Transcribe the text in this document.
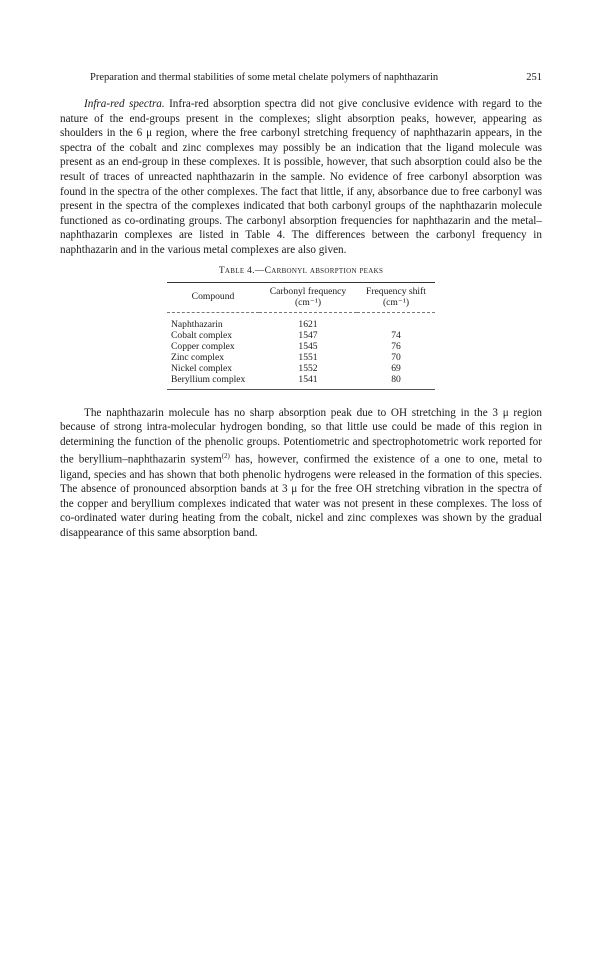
Preparation and thermal stabilities of some metal chelate polymers of naphthazarin	251

Infra-red spectra. Infra-red absorption spectra did not give conclusive evidence with regard to the nature of the end-groups present in the complexes; slight absorption peaks, however, appearing as shoulders in the 6 μ region, where the free carbonyl stretching frequency of naphthazarin appears, in the spectra of the cobalt and zinc complexes may possibly be an indication that the ligand molecule was present as an end-group in these complexes. It is possible, however, that such absorption could also be the result of traces of unreacted naphthazarin in the sample. No evidence of free carbonyl absorption was found in the spectra of the other complexes. The fact that little, if any, absorbance due to free carbonyl was present in the spectra of the complexes indicated that both carbonyl groups of the naphthazarin molecule functioned as co-ordinating groups. The carbonyl absorption frequencies for naphthazarin and the metal–naphthazarin complexes are listed in Table 4. The differences between the carbonyl frequency in naphthazarin and in the various metal complexes are also given.

Table 4.—Carbonyl absorption peaks

Compound	Carbonyl frequency (cm⁻¹)	Frequency shift (cm⁻¹)
Naphthazarin	1621	
Cobalt complex	1547	74
Copper complex	1545	76
Zinc complex	1551	70
Nickel complex	1552	69
Beryllium complex	1541	80

The naphthazarin molecule has no sharp absorption peak due to OH stretching in the 3 μ region because of strong intra-molecular hydrogen bonding, so that little use could be made of this region in determining the function of the phenolic groups. Potentiometric and spectrophotometric work reported for the beryllium–naphthazarin system$^{(2)}$ has, however, confirmed the existence of a one to one, metal to ligand, species and has shown that both phenolic hydrogens were released in the formation of this species. The absence of pronounced absorption bands at 3 μ for the free OH stretching vibration in the spectra of the copper and beryllium complexes indicated that water was not present in these complexes. The loss of co-ordinated water during heating from the cobalt, nickel and zinc complexes was shown by the gradual disappearance of this same absorption band.
